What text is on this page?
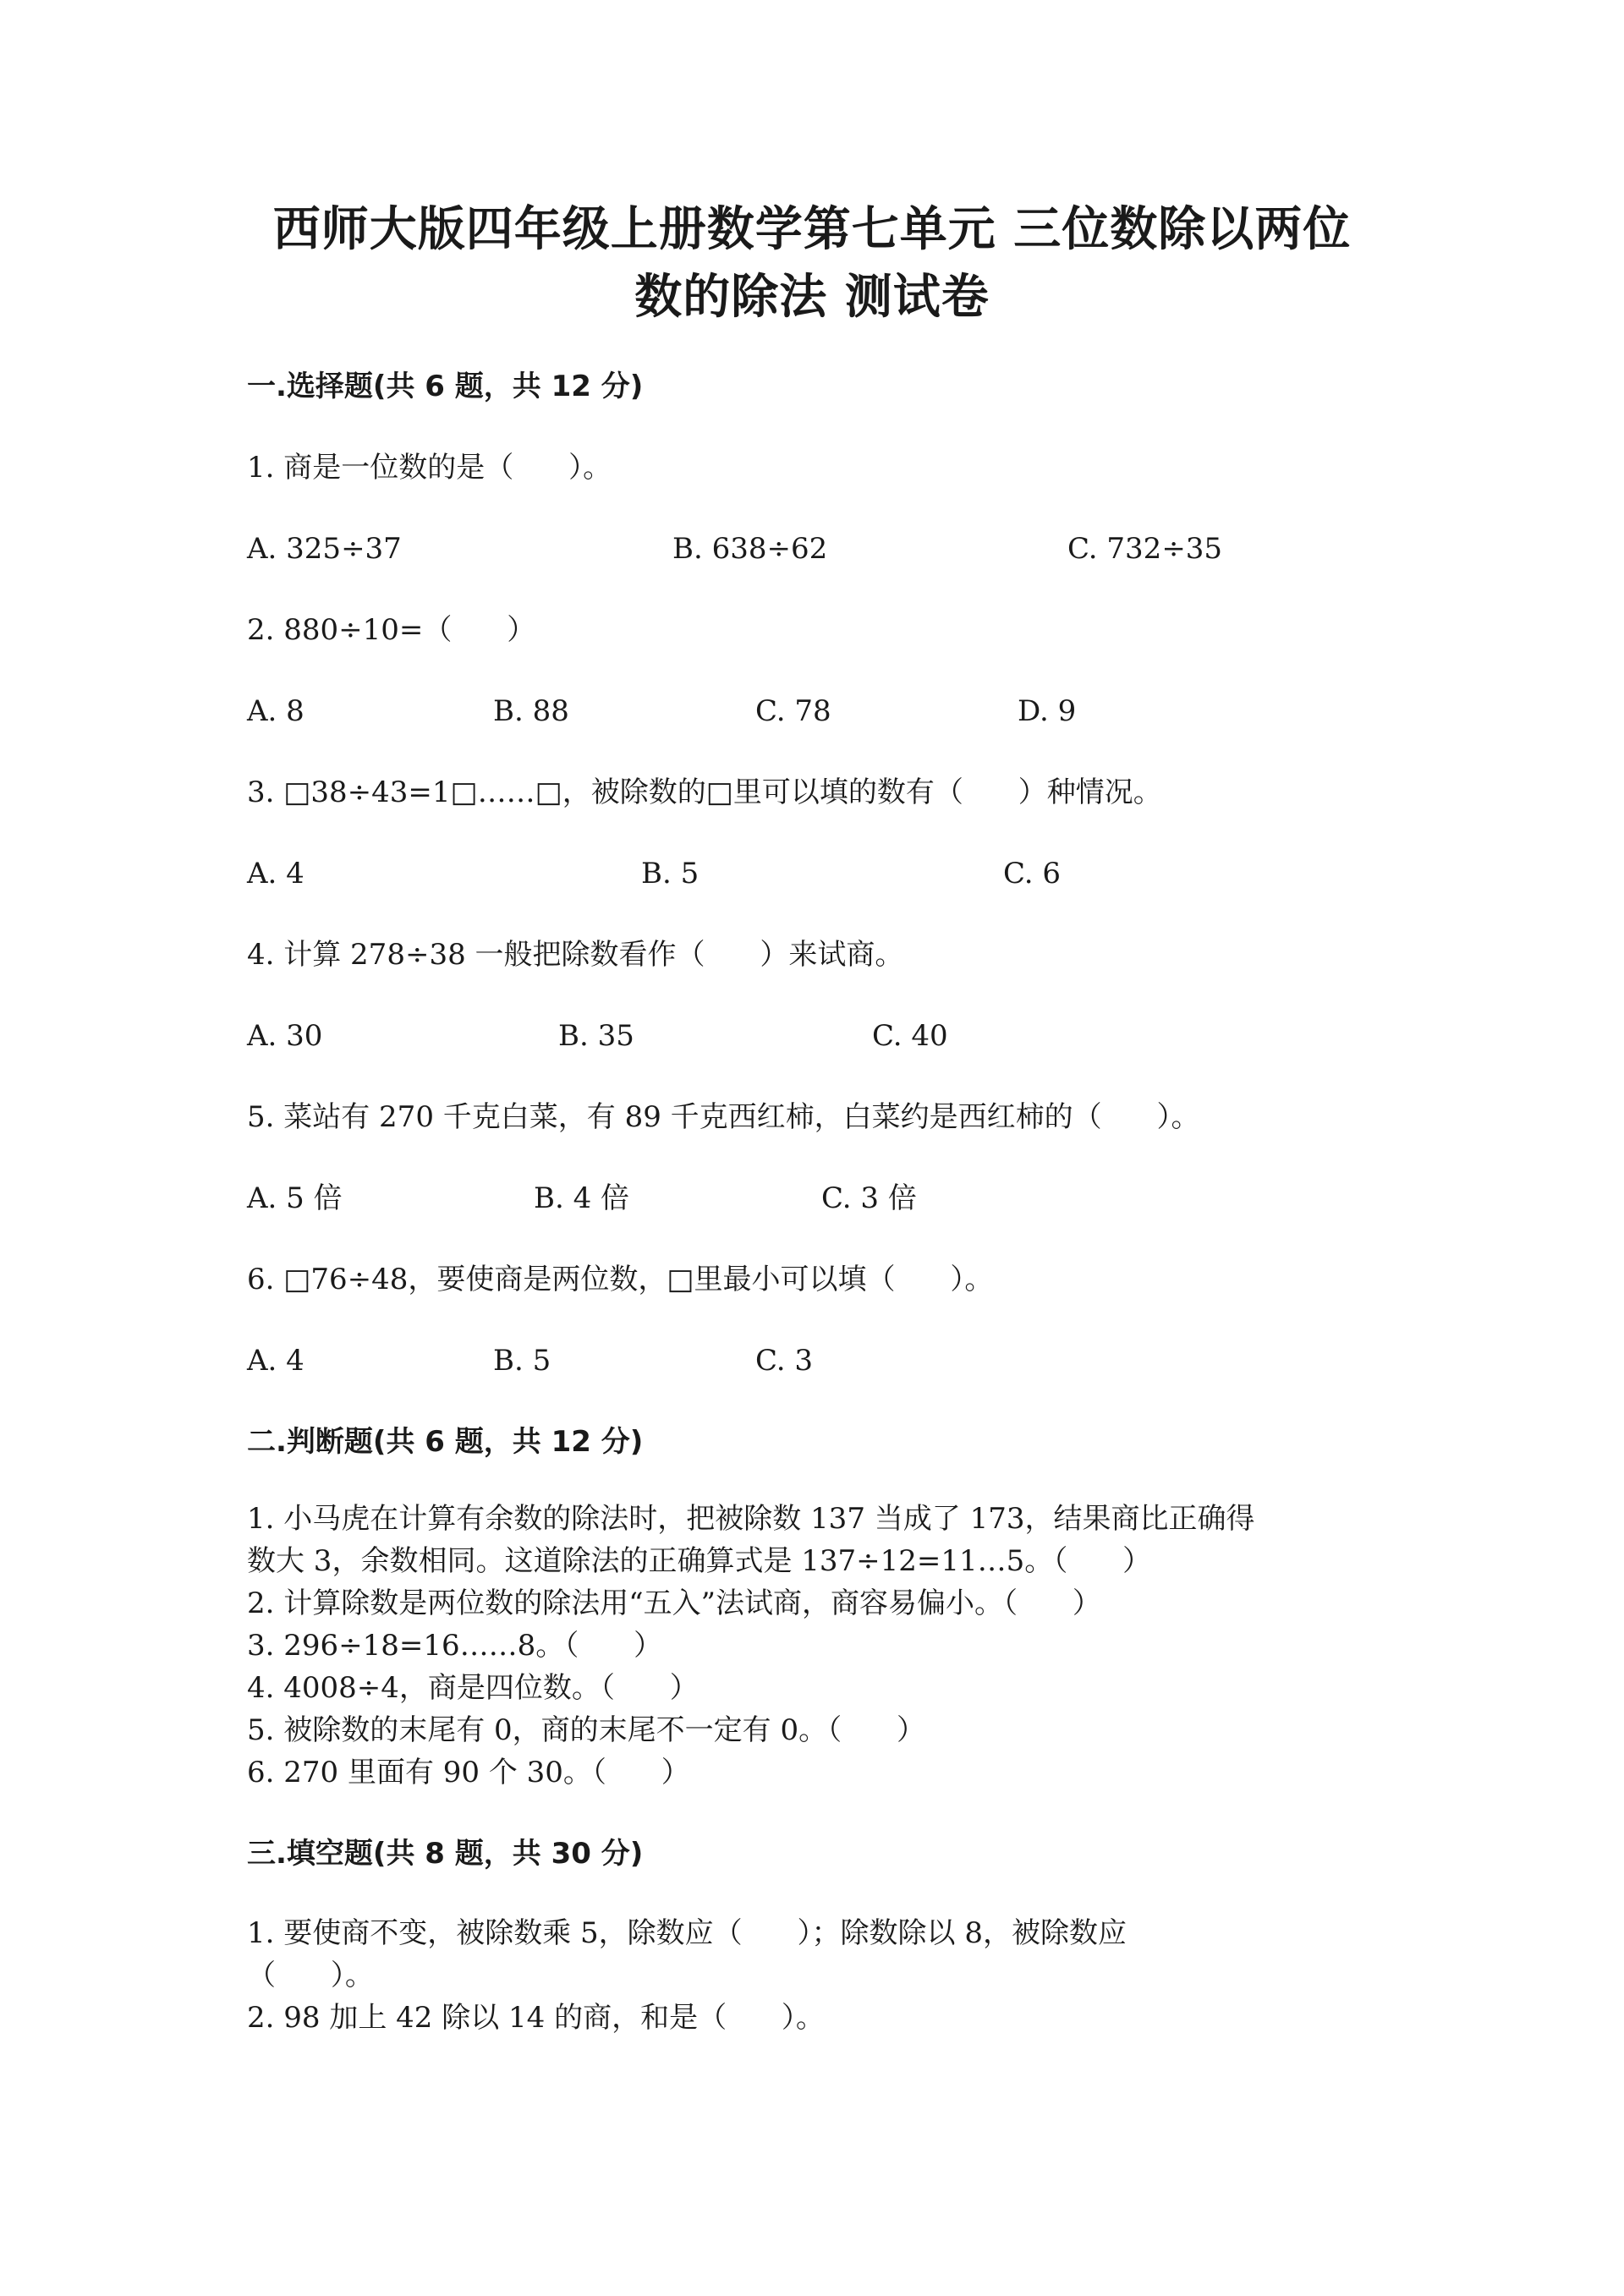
西师大版四年级上册数学第七单元 三位数除以两位
数的除法 测试卷
一.选择题(共 6 题，共 12 分)
1. 商是一位数的是（      ）。
A. 325÷37	B. 638÷62	C. 732÷35
2. 880÷10=（      ）
A. 8	B. 88	C. 78	D. 9
3. □38÷43=1□……□，被除数的□里可以填的数有（      ）种情况。
A. 4	B. 5	C. 6
4. 计算 278÷38 一般把除数看作（      ）来试商。
A. 30	B. 35	C. 40
5. 菜站有 270 千克白菜，有 89 千克西红柿，白菜约是西红柿的（      ）。
A. 5 倍	B. 4 倍	C. 3 倍
6. □76÷48，要使商是两位数，□里最小可以填（      ）。
A. 4	B. 5	C. 3
二.判断题(共 6 题，共 12 分)
1. 小马虎在计算有余数的除法时，把被除数 137 当成了 173，结果商比正确得
数大 3，余数相同。这道除法的正确算式是 137÷12=11…5。（      ）
2. 计算除数是两位数的除法用“五入”法试商，商容易偏小。（      ）
3. 296÷18=16……8。（      ）
4. 4008÷4，商是四位数。（      ）
5. 被除数的末尾有 0，商的末尾不一定有 0。（      ）
6. 270 里面有 90 个 30。（      ）
三.填空题(共 8 题，共 30 分)
1. 要使商不变，被除数乘 5，除数应（      ）；除数除以 8，被除数应
（      ）。
2. 98 加上 42 除以 14 的商，和是（      ）。
